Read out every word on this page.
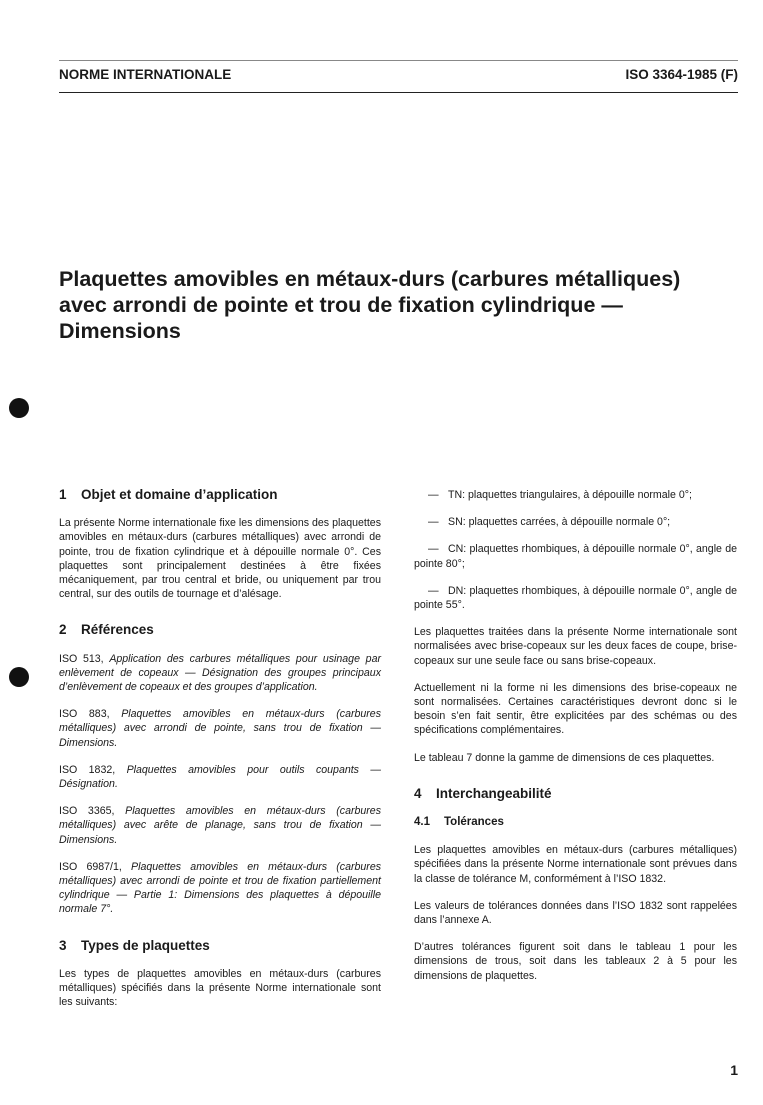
NORME INTERNATIONALE	ISO 3364-1985 (F)
Plaquettes amovibles en métaux-durs (carbures métalliques) avec arrondi de pointe et trou de fixation cylindrique — Dimensions
1 Objet et domaine d’application

La présente Norme internationale fixe les dimensions des plaquettes amovibles en métaux-durs (carbures métalliques) avec arrondi de pointe, trou de fixation cylindrique et à dépouille normale 0°. Ces plaquettes sont principalement destinées à être fixées mécaniquement, par trou central et bride, ou uniquement par trou central, sur des outils de tournage et d’alésage.

2 Références
ISO 513, Application des carbures métalliques pour usinage par enlèvement de copeaux — Désignation des groupes principaux d’enlèvement de copeaux et des groupes d’application.
ISO 883, Plaquettes amovibles en métaux-durs (carbures métalliques) avec arrondi de pointe, sans trou de fixation — Dimensions.
ISO 1832, Plaquettes amovibles pour outils coupants — Désignation.
ISO 3365, Plaquettes amovibles en métaux-durs (carbures métalliques) avec arête de planage, sans trou de fixation — Dimensions.
ISO 6987/1, Plaquettes amovibles en métaux-durs (carbures métalliques) avec arrondi de pointe et trou de fixation partiellement cylindrique — Partie 1: Dimensions des plaquettes à dépouille normale 7°.
3 Types de plaquettes

Les types de plaquettes amovibles en métaux-durs (carbures métalliques) spécifiés dans la présente Norme internationale sont les suivants:

— TN: plaquettes triangulaires, à dépouille normale 0°;
— SN: plaquettes carrées, à dépouille normale 0°;
— CN: plaquettes rhombiques, à dépouille normale 0°, angle de pointe 80°;
— DN: plaquettes rhombiques, à dépouille normale 0°, angle de pointe 55°.

Les plaquettes traitées dans la présente Norme internationale sont normalisées avec brise-copeaux sur les deux faces de coupe, brise-copeaux sur une seule face ou sans brise-copeaux.

Actuellement ni la forme ni les dimensions des brise-copeaux ne sont normalisées. Certaines caractéristiques devront donc si le besoin s’en fait sentir, être explicitées par des schémas ou des spécifications complémentaires.

Le tableau 7 donne la gamme de dimensions de ces plaquettes.

4 Interchangeabilité
4.1 Tolérances

Les plaquettes amovibles en métaux-durs (carbures métalliques) spécifiées dans la présente Norme internationale sont prévues dans la classe de tolérance M, conformément à l’ISO 1832.

Les valeurs de tolérances données dans l’ISO 1832 sont rappelées dans l’annexe A.

D’autres tolérances figurent soit dans le tableau 1 pour les dimensions de trous, soit dans les tableaux 2 à 5 pour les dimensions de plaquettes.

1
